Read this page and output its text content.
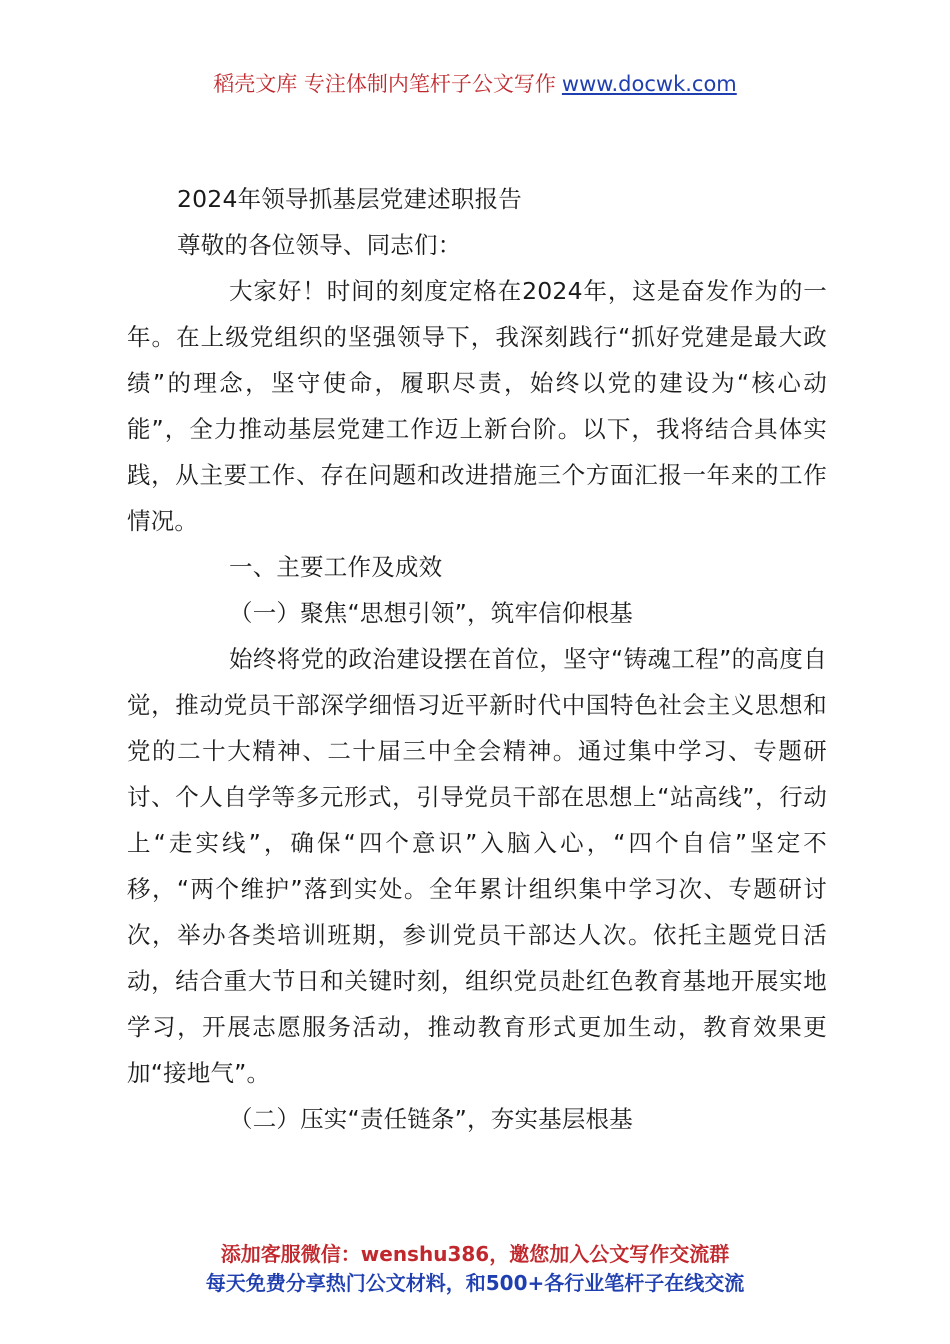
稻壳文库 专注体制内笔杆子公文写作 www.docwk.com

2024年领导抓基层党建述职报告

尊敬的各位领导、同志们：

大家好！时间的刻度定格在2024年，这是奋发作为的一年。在上级党组织的坚强领导下，我深刻践行“抓好党建是最大政绩”的理念，坚守使命，履职尽责，始终以党的建设为“核心动能”，全力推动基层党建工作迈上新台阶。以下，我将结合具体实践，从主要工作、存在问题和改进措施三个方面汇报一年来的工作情况。

一、主要工作及成效

（一）聚焦“思想引领”，筑牢信仰根基

始终将党的政治建设摆在首位，坚守“铸魂工程”的高度自觉，推动党员干部深学细悟习近平新时代中国特色社会主义思想和党的二十大精神、二十届三中全会精神。通过集中学习、专题研讨、个人自学等多元形式，引导党员干部在思想上“站高线”，行动上“走实线”，确保“四个意识”入脑入心，“四个自信”坚定不移，“两个维护”落到实处。全年累计组织集中学习次、专题研讨次，举办各类培训班期，参训党员干部达人次。依托主题党日活动，结合重大节日和关键时刻，组织党员赴红色教育基地开展实地学习，开展志愿服务活动，推动教育形式更加生动，教育效果更加“接地气”。

（二）压实“责任链条”，夯实基层根基

添加客服微信：wenshu386，邀您加入公文写作交流群
每天免费分享热门公文材料，和500+各行业笔杆子在线交流
